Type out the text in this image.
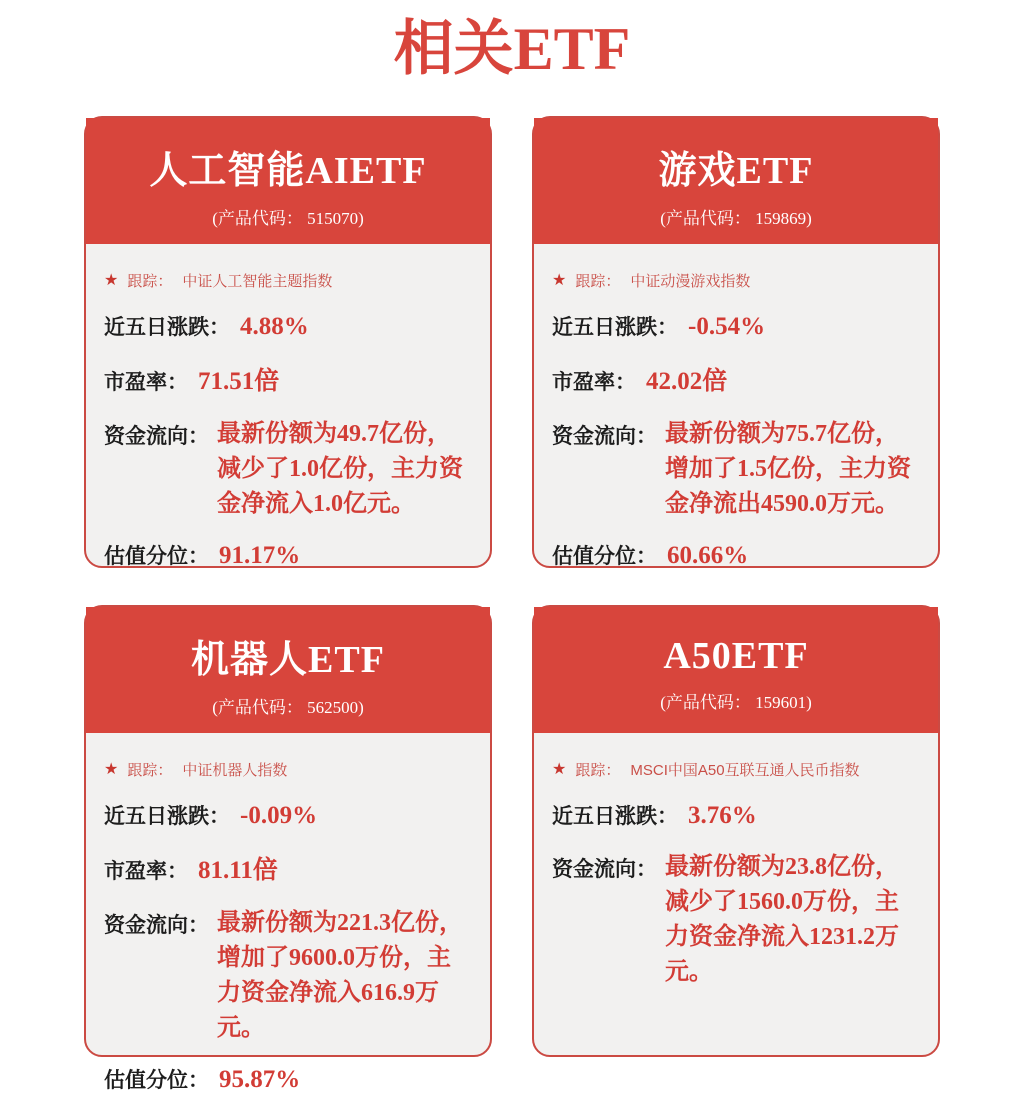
相关ETF
人工智能AIETF
(产品代码： 515070)
★ 跟踪： 中证人工智能主题指数
近五日涨跌： 4.88%
市盈率： 71.51倍
资金流向： 最新份额为49.7亿份，减少了1.0亿份，主力资金净流入1.0亿元。
估值分位： 91.17%
游戏ETF
(产品代码： 159869)
★ 跟踪： 中证动漫游戏指数
近五日涨跌： -0.54%
市盈率： 42.02倍
资金流向： 最新份额为75.7亿份，增加了1.5亿份，主力资金净流出4590.0万元。
估值分位： 60.66%
机器人ETF
(产品代码： 562500)
★ 跟踪： 中证机器人指数
近五日涨跌： -0.09%
市盈率： 81.11倍
资金流向： 最新份额为221.3亿份，增加了9600.0万份，主力资金净流入616.9万元。
估值分位： 95.87%
A50ETF
(产品代码： 159601)
★ 跟踪： MSCI中国A50互联互通人民币指数
近五日涨跌： 3.76%
资金流向： 最新份额为23.8亿份，减少了1560.0万份，主力资金净流入1231.2万元。
